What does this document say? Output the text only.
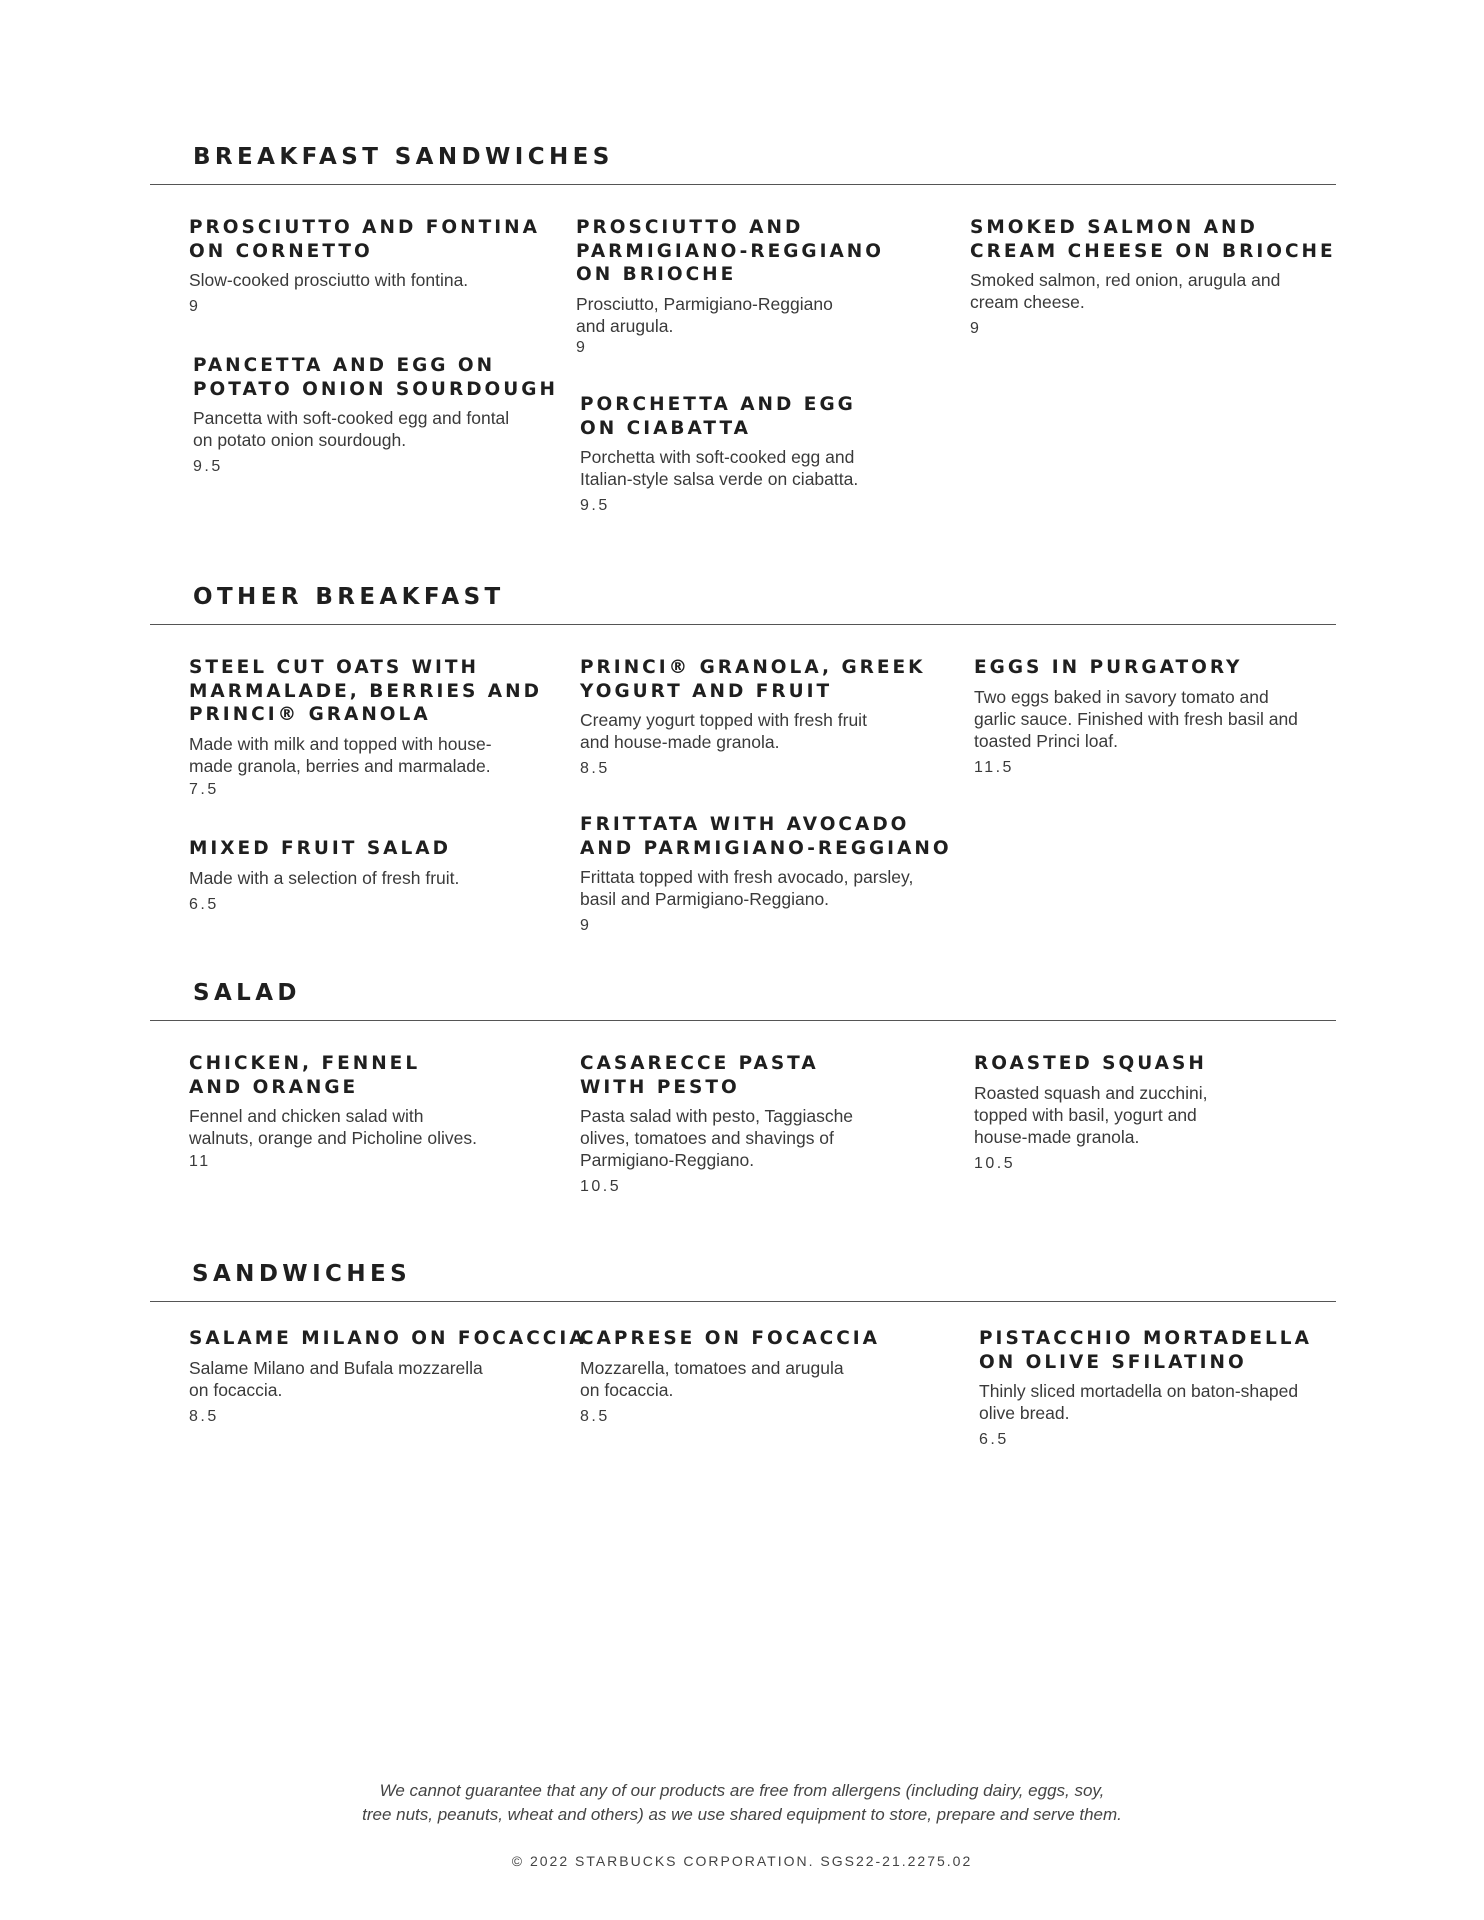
BREAKFAST SANDWICHES

PROSCIUTTO AND FONTINA
ON CORNETTO

Slow-cooked prosciutto with fontina.

9

PANCETTA AND EGG ON
POTATO ONION SOURDOUGH

Pancetta with soft-cooked egg and fontal
on potato onion sourdough.

9.5

PROSCIUTTO AND
PARMIGIANO-REGGIANO
ON BRIOCHE

Prosciutto, Parmigiano-Reggiano
and arugula.

9

PORCHETTA AND EGG
ON CIABATTA

Porchetta with soft-cooked egg and
Italian-style salsa verde on ciabatta.

9.5

SMOKED SALMON AND
CREAM CHEESE ON BRIOCHE

Smoked salmon, red onion, arugula and
cream cheese.

9

OTHER BREAKFAST

STEEL CUT OATS WITH
MARMALADE, BERRIES AND
PRINCI® GRANOLA

Made with milk and topped with house-
made granola, berries and marmalade.

7.5

MIXED FRUIT SALAD

Made with a selection of fresh fruit.

6.5

PRINCI® GRANOLA, GREEK
YOGURT AND FRUIT

Creamy yogurt topped with fresh fruit
and house-made granola.

8.5

FRITTATA WITH AVOCADO
AND PARMIGIANO-REGGIANO

Frittata topped with fresh avocado, parsley,
basil and Parmigiano-Reggiano.

9

EGGS IN PURGATORY

Two eggs baked in savory tomato and
garlic sauce. Finished with fresh basil and
toasted Princi loaf.

11.5

SALAD

CHICKEN, FENNEL
AND ORANGE

Fennel and chicken salad with
walnuts, orange and Picholine olives.

11

CASARECCE PASTA
WITH PESTO

Pasta salad with pesto, Taggiasche
olives, tomatoes and shavings of
Parmigiano-Reggiano.

10.5

ROASTED SQUASH

Roasted squash and zucchini,
topped with basil, yogurt and
house-made granola.

10.5

SANDWICHES

SALAME MILANO ON FOCACCIA

Salame Milano and Bufala mozzarella
on focaccia.

8.5

CAPRESE ON FOCACCIA

Mozzarella, tomatoes and arugula
on focaccia.

8.5

PISTACCHIO MORTADELLA
ON OLIVE SFILATINO

Thinly sliced mortadella on baton-shaped
olive bread.

6.5

We cannot guarantee that any of our products are free from allergens (including dairy, eggs, soy,
tree nuts, peanuts, wheat and others) as we use shared equipment to store, prepare and serve them.
© 2022 STARBUCKS CORPORATION. SGS22-21.2275.02
